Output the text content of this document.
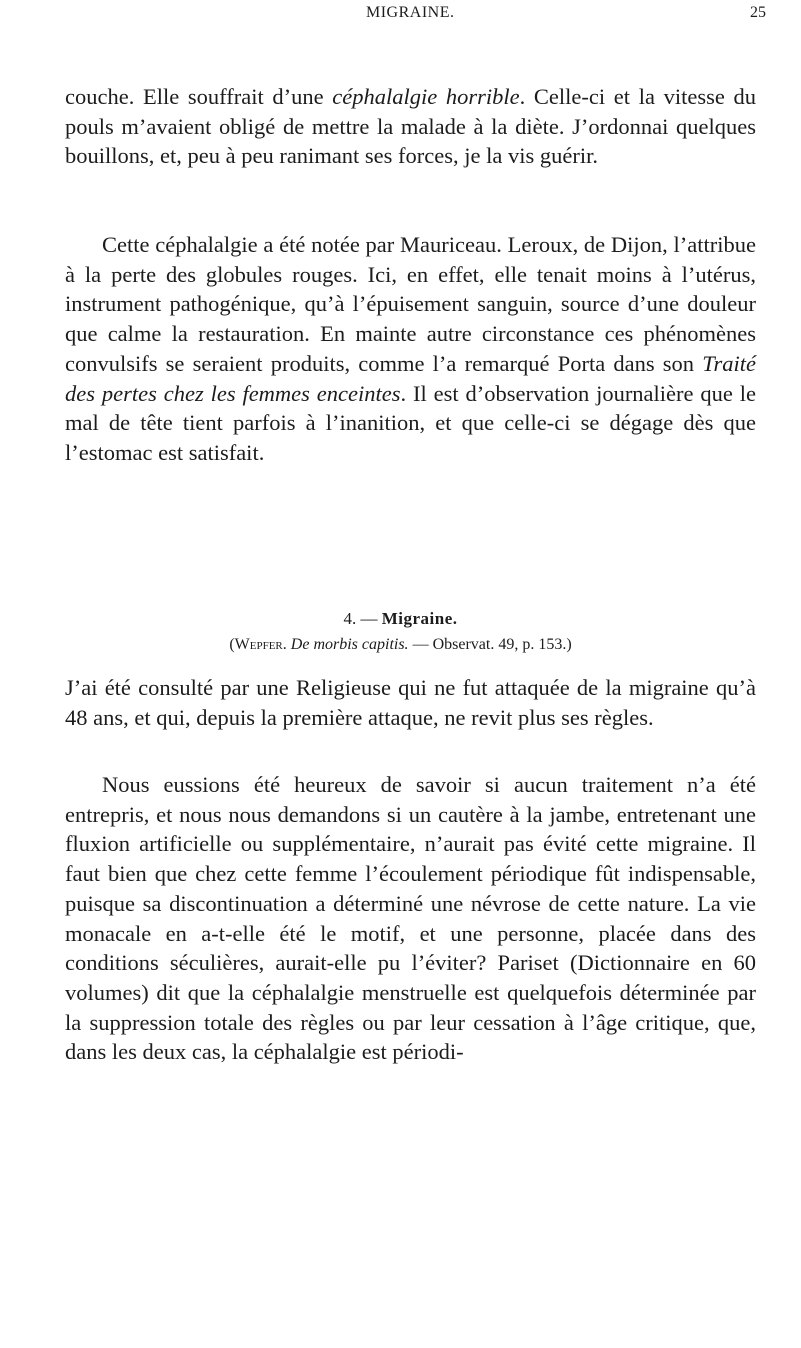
MIGRAINE.	25

couche. Elle souffrait d’une céphalalgie horrible. Celle-ci et la vitesse du pouls m’avaient obligé de mettre la malade à la diète. J’ordonnai quelques bouillons, et, peu à peu ranimant ses forces, je la vis guérir.

Cette céphalalgie a été notée par Mauriceau. Leroux, de Dijon, l’attribue à la perte des globules rouges. Ici, en effet, elle tenait moins à l’utérus, instrument pathogénique, qu’à l’épuisement sanguin, source d’une douleur que calme la restauration. En mainte autre circonstance ces phénomènes convulsifs se seraient produits, comme l’a remarqué Porta dans son Traité des pertes chez les femmes enceintes. Il est d’observation journalière que le mal de tête tient parfois à l’inanition, et que celle-ci se dégage dès que l’estomac est satisfait.

4. — Migraine.
(Wepfer. De morbis capitis. — Observat. 49, p. 153.)

J’ai été consulté par une Religieuse qui ne fut attaquée de la migraine qu’à 48 ans, et qui, depuis la première attaque, ne revit plus ses règles.

Nous eussions été heureux de savoir si aucun traitement n’a été entrepris, et nous nous demandons si un cautère à la jambe, entretenant une fluxion artificielle ou supplémentaire, n’aurait pas évité cette migraine. Il faut bien que chez cette femme l’écoulement périodique fût indispensable, puisque sa discontinuation a déterminé une névrose de cette nature. La vie monacale en a-t-elle été le motif, et une personne, placée dans des conditions séculières, aurait-elle pu l’éviter? Pariset (Dictionnaire en 60 volumes) dit que la céphalalgie menstruelle est quelquefois déterminée par la suppression totale des règles ou par leur cessation à l’âge critique, que, dans les deux cas, la céphalalgie est périodi-
